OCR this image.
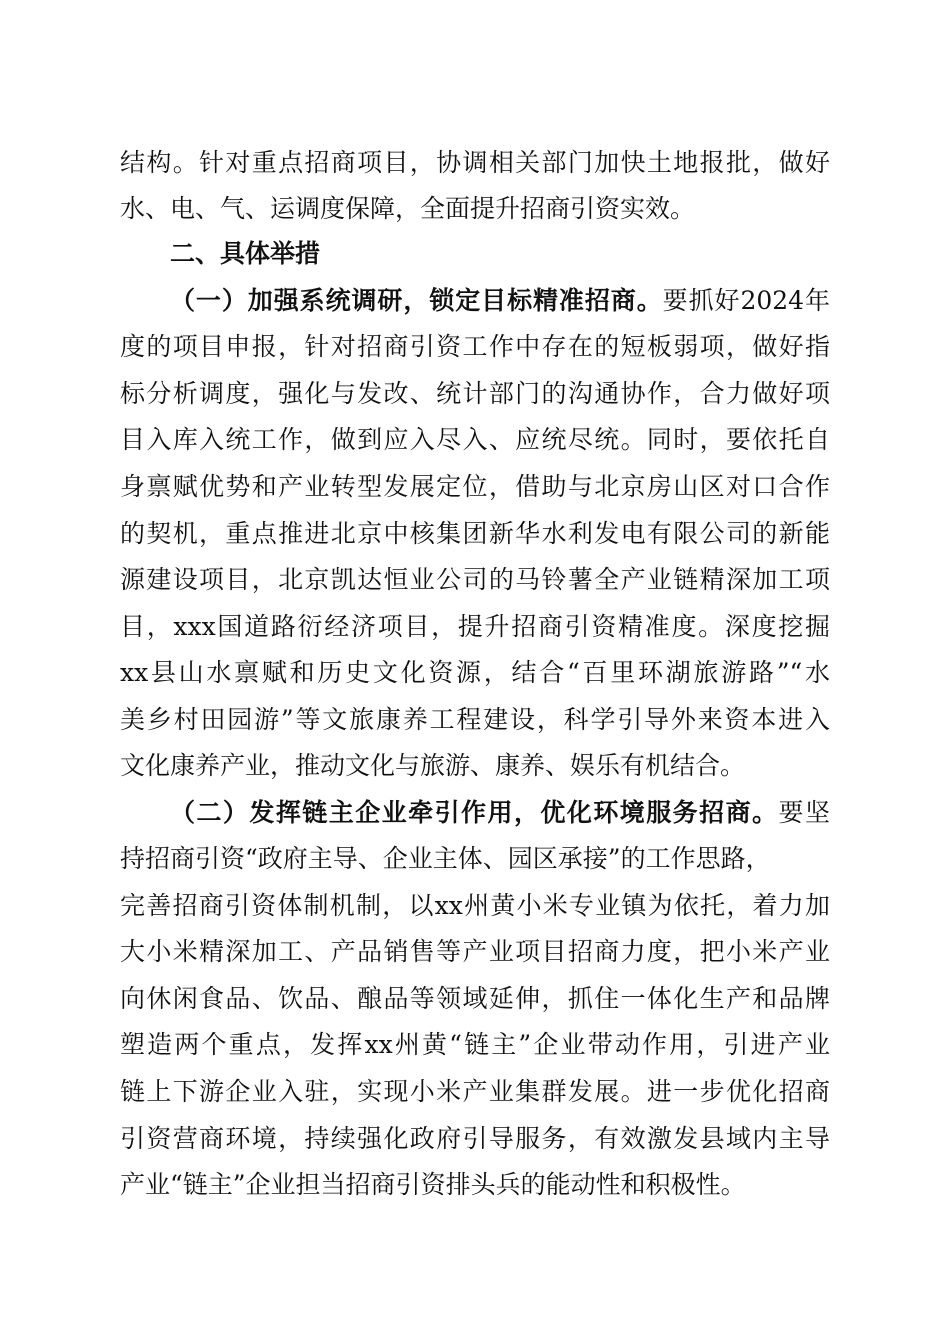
结构。针对重点招商项目，协调相关部门加快土地报批，做好
水、电、气、运调度保障，全面提升招商引资实效。
二、具体举措
（一）加强系统调研，锁定目标精准招商。要抓好2024年
度的项目申报，针对招商引资工作中存在的短板弱项，做好指
标分析调度，强化与发改、统计部门的沟通协作，合力做好项
目入库入统工作，做到应入尽入、应统尽统。同时，要依托自
身禀赋优势和产业转型发展定位，借助与北京房山区对口合作
的契机，重点推进北京中核集团新华水利发电有限公司的新能
源建设项目，北京凯达恒业公司的马铃薯全产业链精深加工项
目，xxx国道路衍经济项目，提升招商引资精准度。深度挖掘
xx县山水禀赋和历史文化资源，结合“百里环湖旅游路”“水
美乡村田园游”等文旅康养工程建设，科学引导外来资本进入
文化康养产业，推动文化与旅游、康养、娱乐有机结合。
（二）发挥链主企业牵引作用，优化环境服务招商。要坚
持招商引资“政府主导、企业主体、园区承接”的工作思路，
完善招商引资体制机制，以xx州黄小米专业镇为依托，着力加
大小米精深加工、产品销售等产业项目招商力度，把小米产业
向休闲食品、饮品、酿品等领域延伸，抓住一体化生产和品牌
塑造两个重点，发挥xx州黄“链主”企业带动作用，引进产业
链上下游企业入驻，实现小米产业集群发展。进一步优化招商
引资营商环境，持续强化政府引导服务，有效激发县域内主导
产业“链主”企业担当招商引资排头兵的能动性和积极性。
